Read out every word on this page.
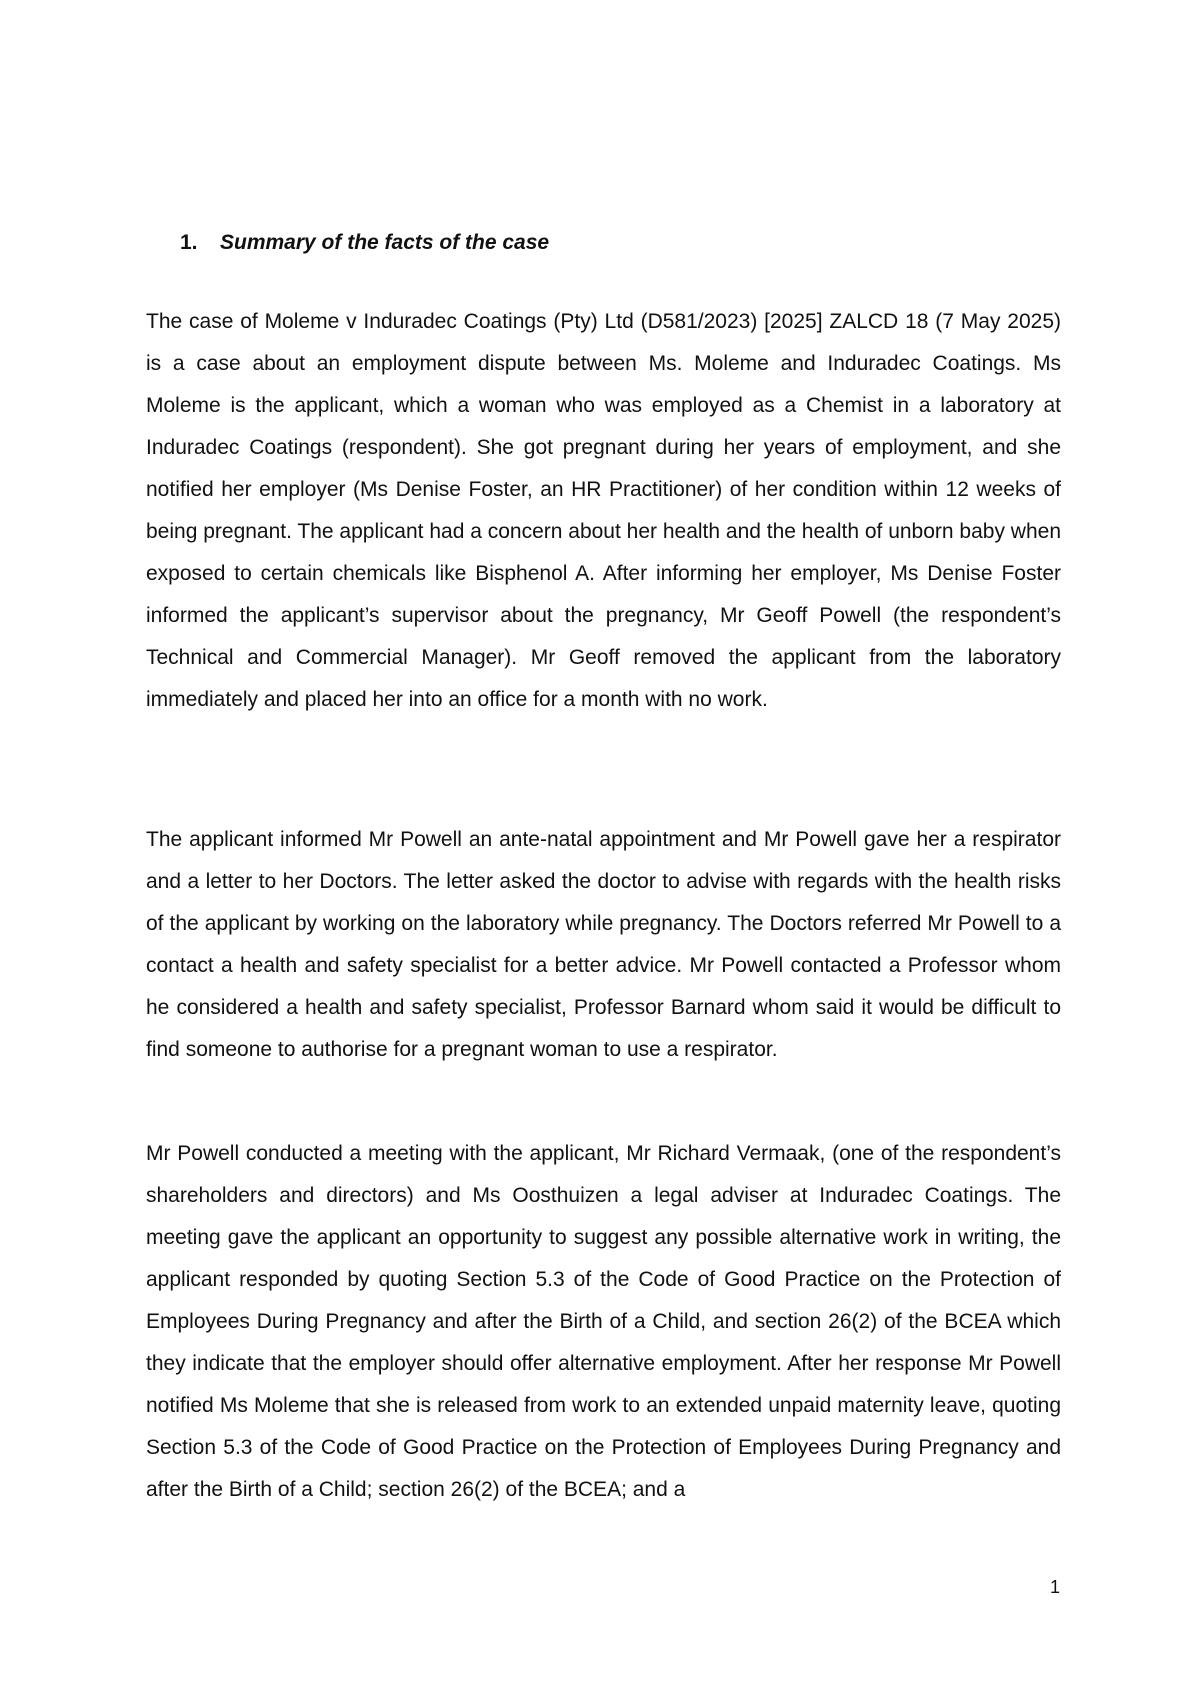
1. Summary of the facts of the case

The case of Moleme v Induradec Coatings (Pty) Ltd (D581/2023) [2025] ZALCD 18 (7 May 2025) is a case about an employment dispute between Ms. Moleme and Induradec Coatings. Ms Moleme is the applicant, which a woman who was employed as a Chemist in a laboratory at Induradec Coatings (respondent). She got pregnant during her years of employment, and she notified her employer (Ms Denise Foster, an HR Practitioner) of her condition within 12 weeks of being pregnant. The applicant had a concern about her health and the health of unborn baby when exposed to certain chemicals like Bisphenol A. After informing her employer, Ms Denise Foster informed the applicant’s supervisor about the pregnancy, Mr Geoff Powell (the respondent’s Technical and Commercial Manager). Mr Geoff removed the applicant from the laboratory immediately and placed her into an office for a month with no work.

The applicant informed Mr Powell an ante-natal appointment and Mr Powell gave her a respirator and a letter to her Doctors. The letter asked the doctor to advise with regards with the health risks of the applicant by working on the laboratory while pregnancy. The Doctors referred Mr Powell to a contact a health and safety specialist for a better advice. Mr Powell contacted a Professor whom he considered a health and safety specialist, Professor Barnard whom said it would be difficult to find someone to authorise for a pregnant woman to use a respirator.

Mr Powell conducted a meeting with the applicant, Mr Richard Vermaak, (one of the respondent’s shareholders and directors) and Ms Oosthuizen a legal adviser at Induradec Coatings. The meeting gave the applicant an opportunity to suggest any possible alternative work in writing, the applicant responded by quoting Section 5.3 of the Code of Good Practice on the Protection of Employees During Pregnancy and after the Birth of a Child, and section 26(2) of the BCEA which they indicate that the employer should offer alternative employment. After her response Mr Powell notified Ms Moleme that she is released from work to an extended unpaid maternity leave, quoting Section 5.3 of the Code of Good Practice on the Protection of Employees During Pregnancy and after the Birth of a Child; section 26(2) of the BCEA; and a

1
